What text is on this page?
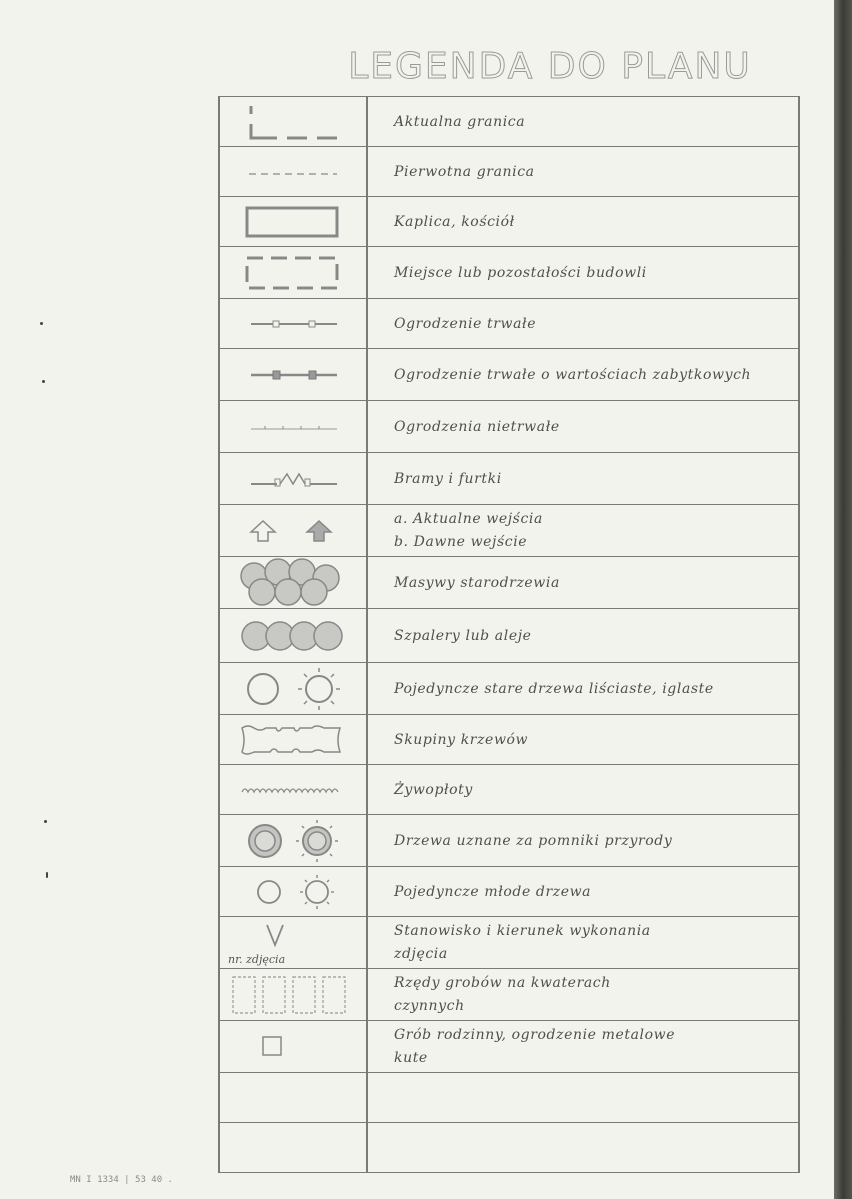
LEGENDA DO PLANU
Aktualna granica
Pierwotna granica
Kaplica, kościół
Miejsce lub pozostałości budowli
Ogrodzenie trwałe
Ogrodzenie trwałe o wartościach zabytkowych
Ogrodzenia nietrwałe
Bramy i furtki
a. Aktualne wejścia
b. Dawne wejście
Masywy starodrzewia
Szpalery lub aleje
Pojedyncze stare drzewa liściaste, iglaste
Skupiny krzewów
Żywopłoty
Drzewa uznane za pomniki przyrody
Pojedyncze młode drzewa
nr. zdjęcia
Stanowisko i kierunek wykonania
zdjęcia
Rzędy grobów na kwaterach
czynnych
Grób rodzinny, ogrodzenie metalowe
kute
MN I 1334 | 53 40 .
